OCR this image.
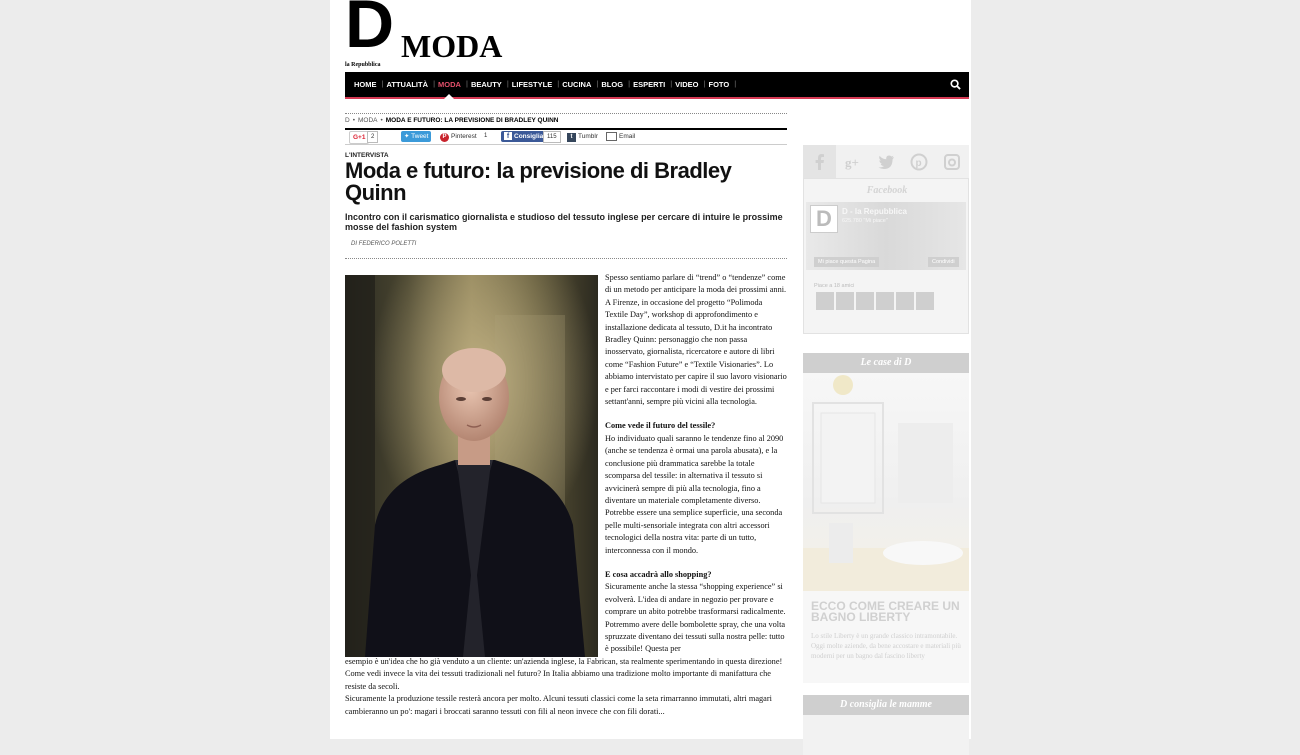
D MODA
la Repubblica
HOME |	ATTUALITÀ |	MODA
|	BEAUTY |	LIFESTYLE |	CUCINA |	BLOG |	ESPERTI |	VIDEO |	FOTO |
D • MODA • MODA E FUTURO: LA PREVISIONE DI BRADLEY QUINN
G+1 2	✦ Tweet	P Pinterest	1	f Consiglia 115	t Tumblr	Email
L'INTERVISTA
Moda e futuro: la previsione di Bradley Quinn

Incontro con il carismatico giornalista e studioso del tessuto inglese per cercare di intuire le prossime mosse del fashion system

DI FEDERICO POLETTI

Spesso sentiamo parlare di “trend” o “tendenze” come di un metodo per anticipare la moda dei prossimi anni. A Firenze, in occasione del progetto “Polimoda Textile Day”, workshop di approfondimento e installazione dedicata al tessuto, D.it ha incontrato Bradley Quinn: personaggio che non passa inosservato, giornalista, ricercatore e autore di libri come “Fashion Future” e “Textile Visionaries”. Lo abbiamo intervistato per capire il suo lavoro visionario e per farci raccontare i modi di vestire dei prossimi settant'anni, sempre più vicini alla tecnologia.

Come vede il futuro del tessile?

Ho individuato quali saranno le tendenze fino al 2090 (anche se tendenza è ormai una parola abusata), e la conclusione più drammatica sarebbe la totale scomparsa del tessile: in alternativa il tessuto si avvicinerà sempre di più alla tecnologia, fino a diventare un materiale completamente diverso. Potrebbe essere una semplice superficie, una seconda pelle multi-sensoriale integrata con altri accessori tecnologici della nostra vita: parte di un tutto, interconnessa con il mondo.

E cosa accadrà allo shopping?

Sicuramente anche la stessa “shopping experience” si evolverà. L'idea di andare in negozio per provare e comprare un abito potrebbe trasformarsi radicalmente. Potremmo avere delle bombolette spray, che una volta spruzzate diventano dei tessuti sulla nostra pelle: tutto è possibile! Questa per

esempio è un'idea che ho già venduto a un cliente: un'azienda inglese, la Fabrican, sta realmente sperimentando in questa direzione!

Come vedi invece la vita dei tessuti tradizionali nel futuro? In Italia abbiamo una tradizione molto importante di manifattura che resiste da secoli.

Sicuramente la produzione tessile resterà ancora per molto. Alcuni tessuti classici come la seta rimarranno immutati, altri magari cambieranno un po': magari i broccati saranno tessuti con fili al neon invece che con fili dorati...

g+	p
Facebook
D	D - la Repubblica
625.780 "Mi piace"
Mi piace questa Pagina	Condividi
Piace a 18 amici
Le case di D
ECCO COME CREARE UN BAGNO LIBERTY
Lo stile Liberty è un grande classico intramontabile. Oggi molte aziende, da bene accostare e materiali più moderni per un bagno dal fascino liberty
D consiglia le mamme
